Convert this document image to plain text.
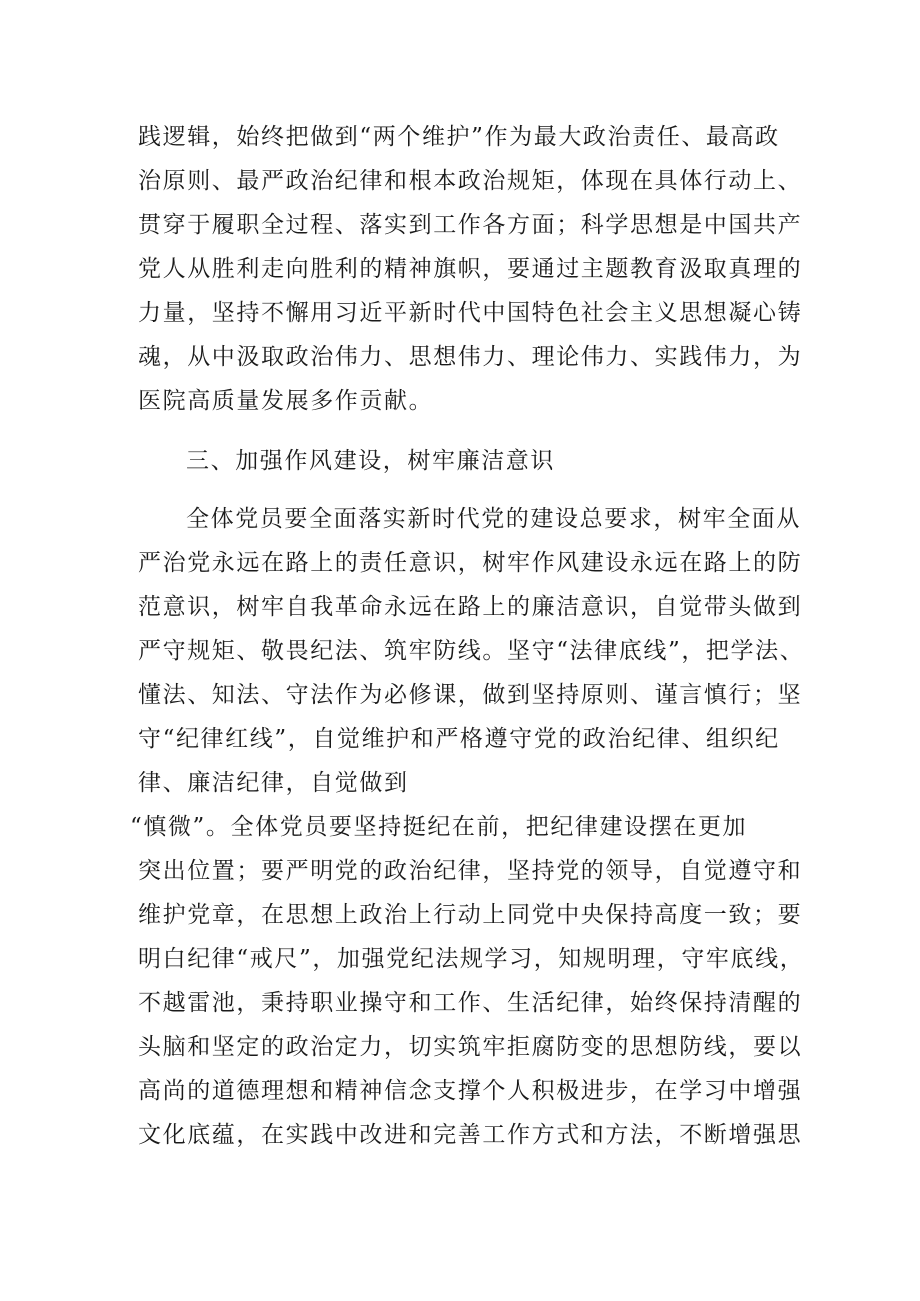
践逻辑，始终把做到“两个维护”作为最大政治责任、最高政
治原则、最严政治纪律和根本政治规矩，体现在具体行动上、
贯穿于履职全过程、落实到工作各方面；科学思想是中国共产
党人从胜利走向胜利的精神旗帜，要通过主题教育汲取真理的
力量，坚持不懈用习近平新时代中国特色社会主义思想凝心铸
魂，从中汲取政治伟力、思想伟力、理论伟力、实践伟力，为
医院高质量发展多作贡献。
三、加强作风建设，树牢廉洁意识
全体党员要全面落实新时代党的建设总要求，树牢全面从
严治党永远在路上的责任意识，树牢作风建设永远在路上的防
范意识，树牢自我革命永远在路上的廉洁意识，自觉带头做到
严守规矩、敬畏纪法、筑牢防线。坚守“法律底线”，把学法、
懂法、知法、守法作为必修课，做到坚持原则、谨言慎行；坚
守“纪律红线”，自觉维护和严格遵守党的政治纪律、组织纪
律、廉洁纪律，自觉做到
“慎微”。全体党员要坚持挺纪在前，把纪律建设摆在更加
突出位置；要严明党的政治纪律，坚持党的领导，自觉遵守和
维护党章，在思想上政治上行动上同党中央保持高度一致；要
明白纪律“戒尺”，加强党纪法规学习，知规明理，守牢底线，
不越雷池，秉持职业操守和工作、生活纪律，始终保持清醒的
头脑和坚定的政治定力，切实筑牢拒腐防变的思想防线，要以
高尚的道德理想和精神信念支撑个人积极进步，在学习中增强
文化底蕴，在实践中改进和完善工作方式和方法，不断增强思
